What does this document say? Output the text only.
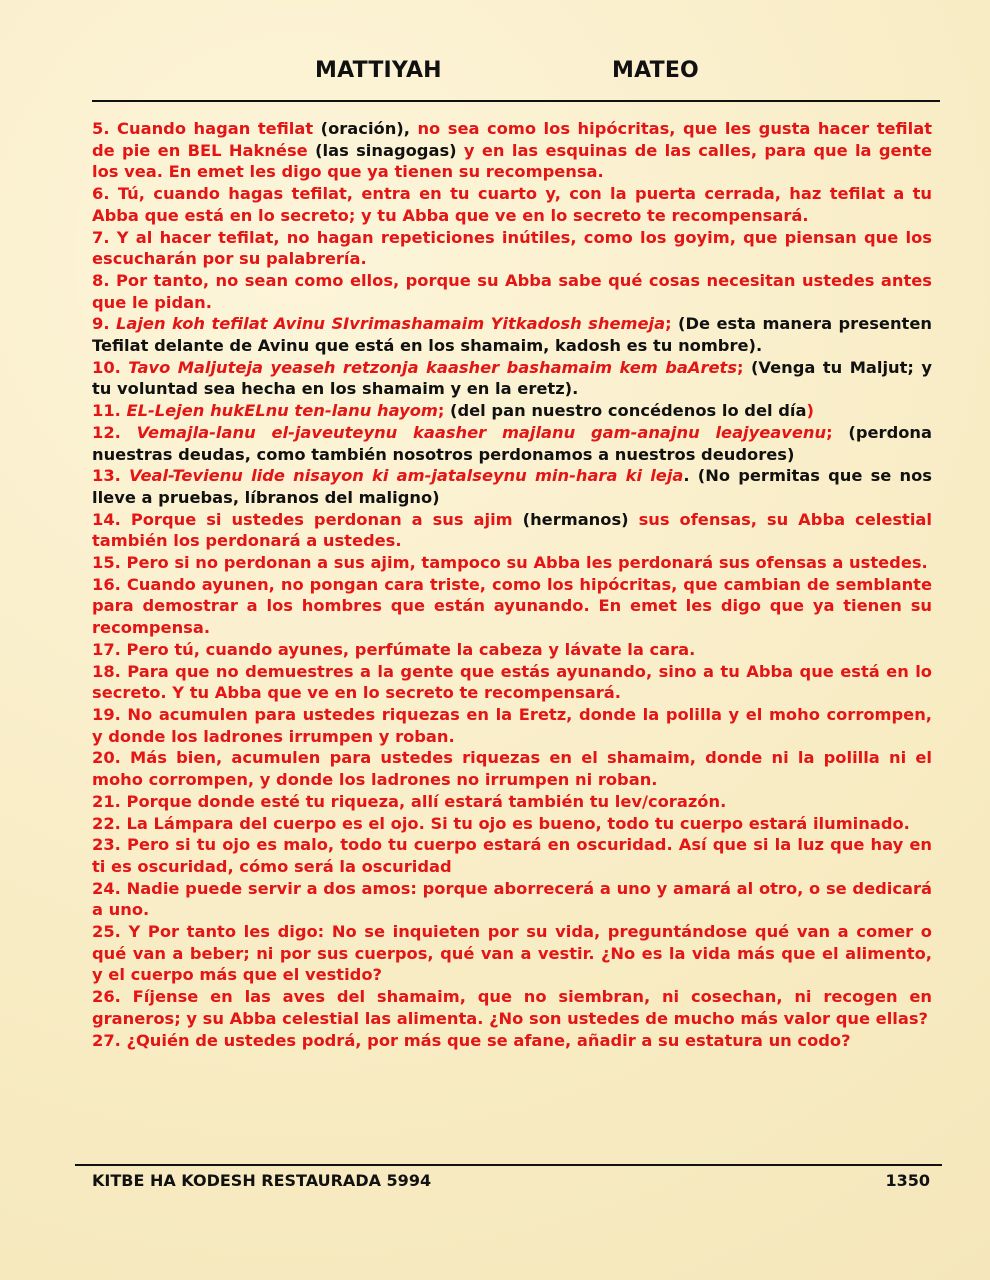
MATTIYAH	MATEO

5. Cuando hagan tefilat (oración), no sea como los hipócritas, que les gusta hacer tefilat de pie en BEL Haknése (las sinagogas) y en las esquinas de las calles, para que la gente los vea. En emet les digo que ya tienen su recompensa.

6. Tú, cuando hagas tefilat, entra en tu cuarto y, con la puerta cerrada, haz tefilat a tu Abba que está en lo secreto; y tu Abba que ve en lo secreto te recompensará.

7. Y al hacer tefilat, no hagan repeticiones inútiles, como los goyim, que piensan que los escucharán por su palabrería.

8. Por tanto, no sean como ellos, porque su Abba sabe qué cosas necesitan ustedes antes que le pidan.

9. Lajen koh tefilat Avinu SIvrimashamaim Yitkadosh shemeja; (De esta manera presenten Tefilat delante de Avinu que está en los shamaim, kadosh es tu nombre).

10. Tavo Maljuteja yeaseh retzonja kaasher bashamaim kem baArets; (Venga tu Maljut; y tu voluntad sea hecha en los shamaim y en la eretz).

11. EL-Lejen hukELnu ten-lanu hayom; (del pan nuestro concédenos lo del día)

12. Vemajla-lanu el-javeuteynu kaasher majlanu gam-anajnu leajyeavenu; (perdona nuestras deudas, como también nosotros perdonamos a nuestros deudores)

13. Veal-Tevienu lide nisayon ki am-jatalseynu min-hara ki leja. (No permitas que se nos lleve a pruebas, líbranos del maligno)

14. Porque si ustedes perdonan a sus ajim (hermanos) sus ofensas, su Abba celestial también los perdonará a ustedes.

15. Pero si no perdonan a sus ajim, tampoco su Abba les perdonará sus ofensas a ustedes.

16. Cuando ayunen, no pongan cara triste, como los hipócritas, que cambian de semblante para demostrar a los hombres que están ayunando. En emet les digo que ya tienen su recompensa.

17. Pero tú, cuando ayunes, perfúmate la cabeza y lávate la cara.

18. Para que no demuestres a la gente que estás ayunando, sino a tu Abba que está en lo secreto. Y tu Abba que ve en lo secreto te recompensará.

19. No acumulen para ustedes riquezas en la Eretz, donde la polilla y el moho corrompen, y donde los ladrones irrumpen y roban.

20. Más bien, acumulen para ustedes riquezas en el shamaim, donde ni la polilla ni el moho corrompen, y donde los ladrones no irrumpen ni roban.

21. Porque donde esté tu riqueza, allí estará también tu lev/corazón.

22. La Lámpara del cuerpo es el ojo. Si tu ojo es bueno, todo tu cuerpo estará iluminado.

23. Pero si tu ojo es malo, todo tu cuerpo estará en oscuridad. Así que si la luz que hay en ti es oscuridad, cómo será la oscuridad

24. Nadie puede servir a dos amos: porque aborrecerá a uno y amará al otro, o se dedicará a uno.

25. Y Por tanto les digo: No se inquieten por su vida, preguntándose qué van a comer o qué van a beber; ni por sus cuerpos, qué van a vestir. ¿No es la vida más que el alimento, y el cuerpo más que el vestido?

26. Fíjense en las aves del shamaim, que no siembran, ni cosechan, ni recogen en graneros; y su Abba celestial las alimenta. ¿No son ustedes de mucho más valor que ellas?

27. ¿Quién de ustedes podrá, por más que se afane, añadir a su estatura un codo?

KITBE HA KODESH RESTAURADA 5994	1350
